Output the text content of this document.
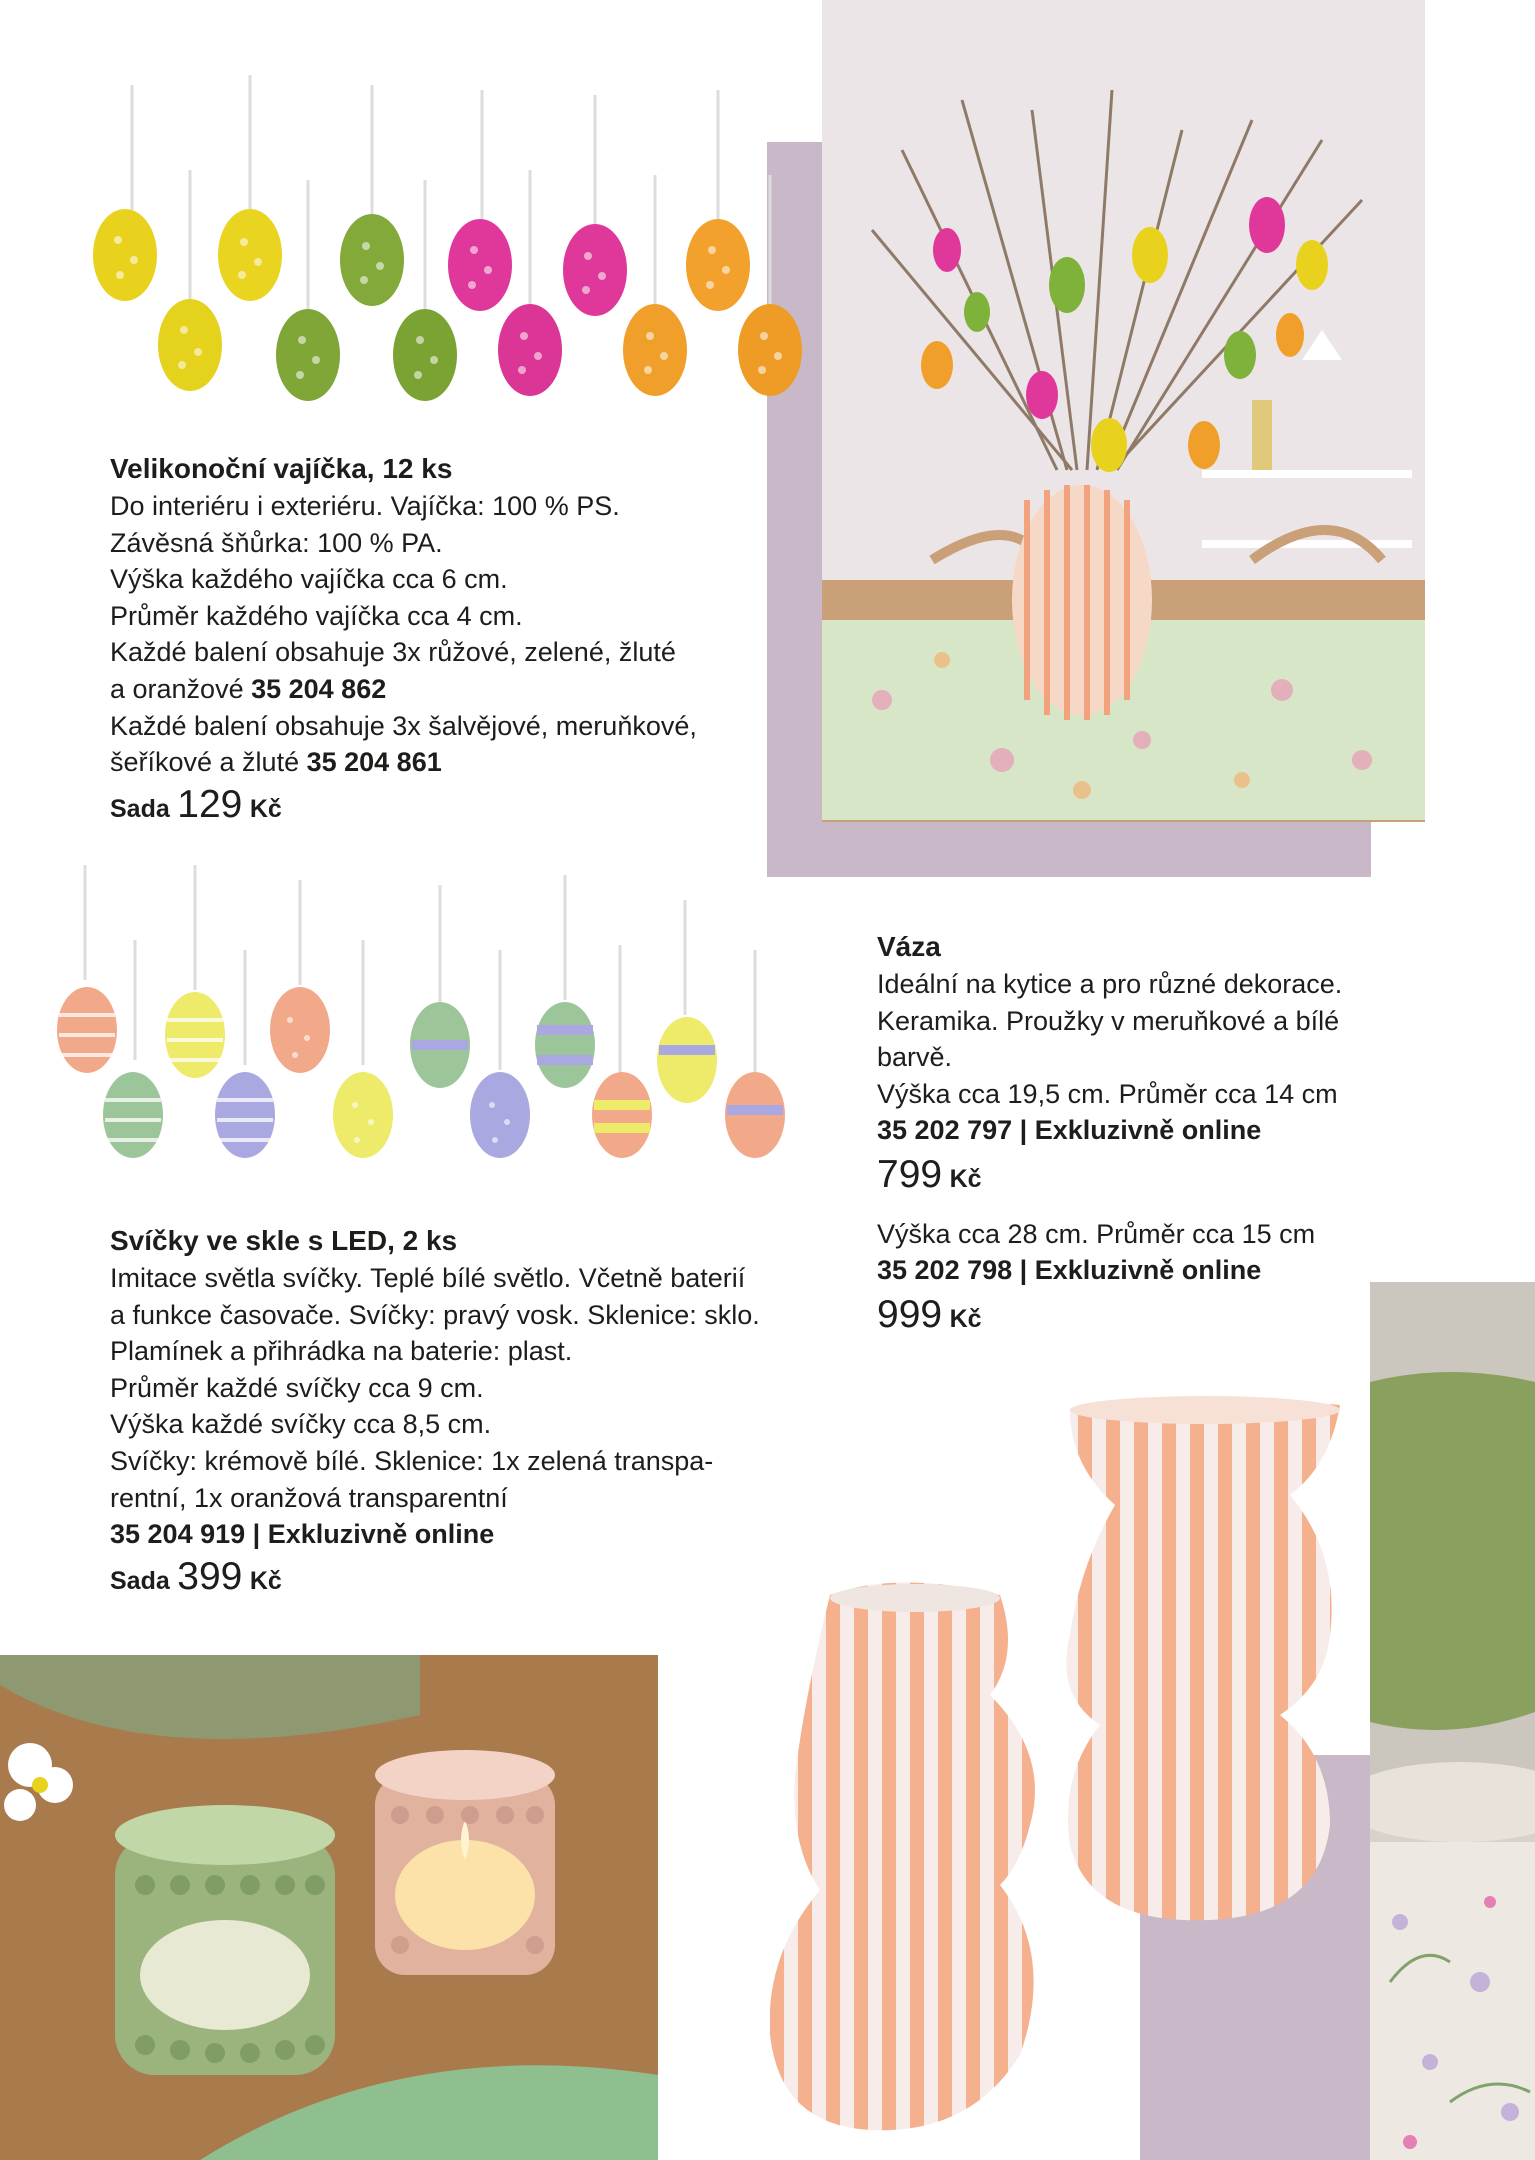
Velikonoční vajíčka, 12 ks
Do interiéru i exteriéru. Vajíčka: 100 % PS.
Závěsná šňůrka: 100 % PA.
Výška každého vajíčka cca 6 cm.
Průměr každého vajíčka cca 4 cm.
Každé balení obsahuje 3x růžové, zelené, žluté
a oranžové 35 204 862
Každé balení obsahuje 3x šalvějové, meruňkové,
šeříkové a žluté 35 204 861
Sada 129 Kč
Svíčky ve skle s LED, 2 ks
Imitace světla svíčky. Teplé bílé světlo. Včetně baterií
a funkce časovače. Svíčky: pravý vosk. Sklenice: sklo.
Plamínek a přihrádka na baterie: plast.
Průměr každé svíčky cca 9 cm.
Výška každé svíčky cca 8,5 cm.
Svíčky: krémově bílé. Sklenice: 1x zelená transpa-
rentní, 1x oranžová transparentní
35 204 919 | Exkluzivně online
Sada 399 Kč
Váza
Ideální na kytice a pro různé dekorace.
Keramika. Proužky v meruňkové a bílé
barvě.
Výška cca 19,5 cm. Průměr cca 14 cm
35 202 797 | Exkluzivně online
799 Kč
Výška cca 28 cm. Průměr cca 15 cm
35 202 798 | Exkluzivně online
999 Kč
